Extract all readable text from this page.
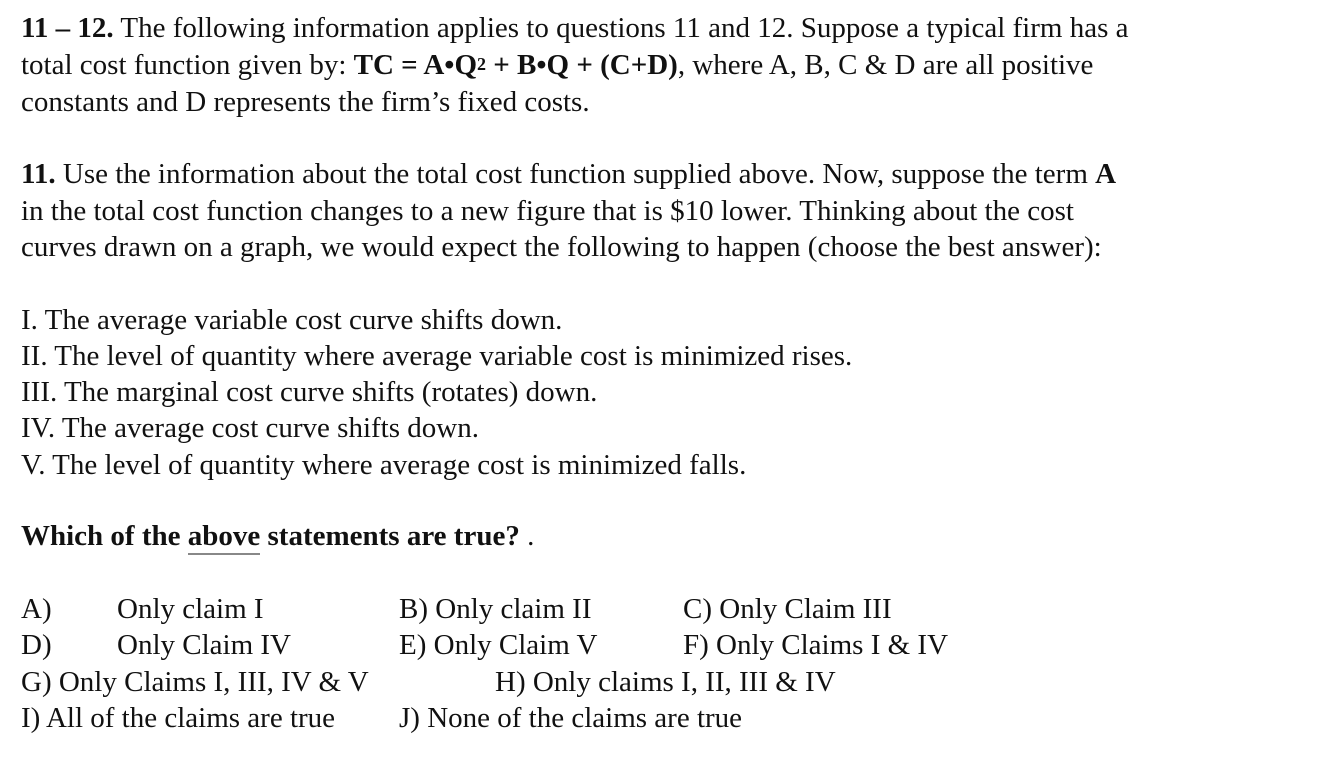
11 – 12. The following information applies to questions 11 and 12. Suppose a typical firm has a
total cost function given by: TC = $A•Q^2$ + B•Q + (C+D), where A, B, C & D are all positive
constants and D represents the firm’s fixed costs.
11. Use the information about the total cost function supplied above. Now, suppose the term A
in the total cost function changes to a new figure that is $10 lower. Thinking about the cost
curves drawn on a graph, we would expect the following to happen (choose the best answer):
I. The average variable cost curve shifts down.
II. The level of quantity where average variable cost is minimized rises.
III. The marginal cost curve shifts (rotates) down.
IV. The average cost curve shifts down.
V. The level of quantity where average cost is minimized falls.
Which of the above statements are true? .
A) Only claim I	B) Only claim II	C) Only Claim III
D) Only Claim IV	E) Only Claim V	F) Only Claims I & IV
G) Only Claims I, III, IV & V	H) Only claims I, II, III & IV
I) All of the claims are true J) None of the claims are true
